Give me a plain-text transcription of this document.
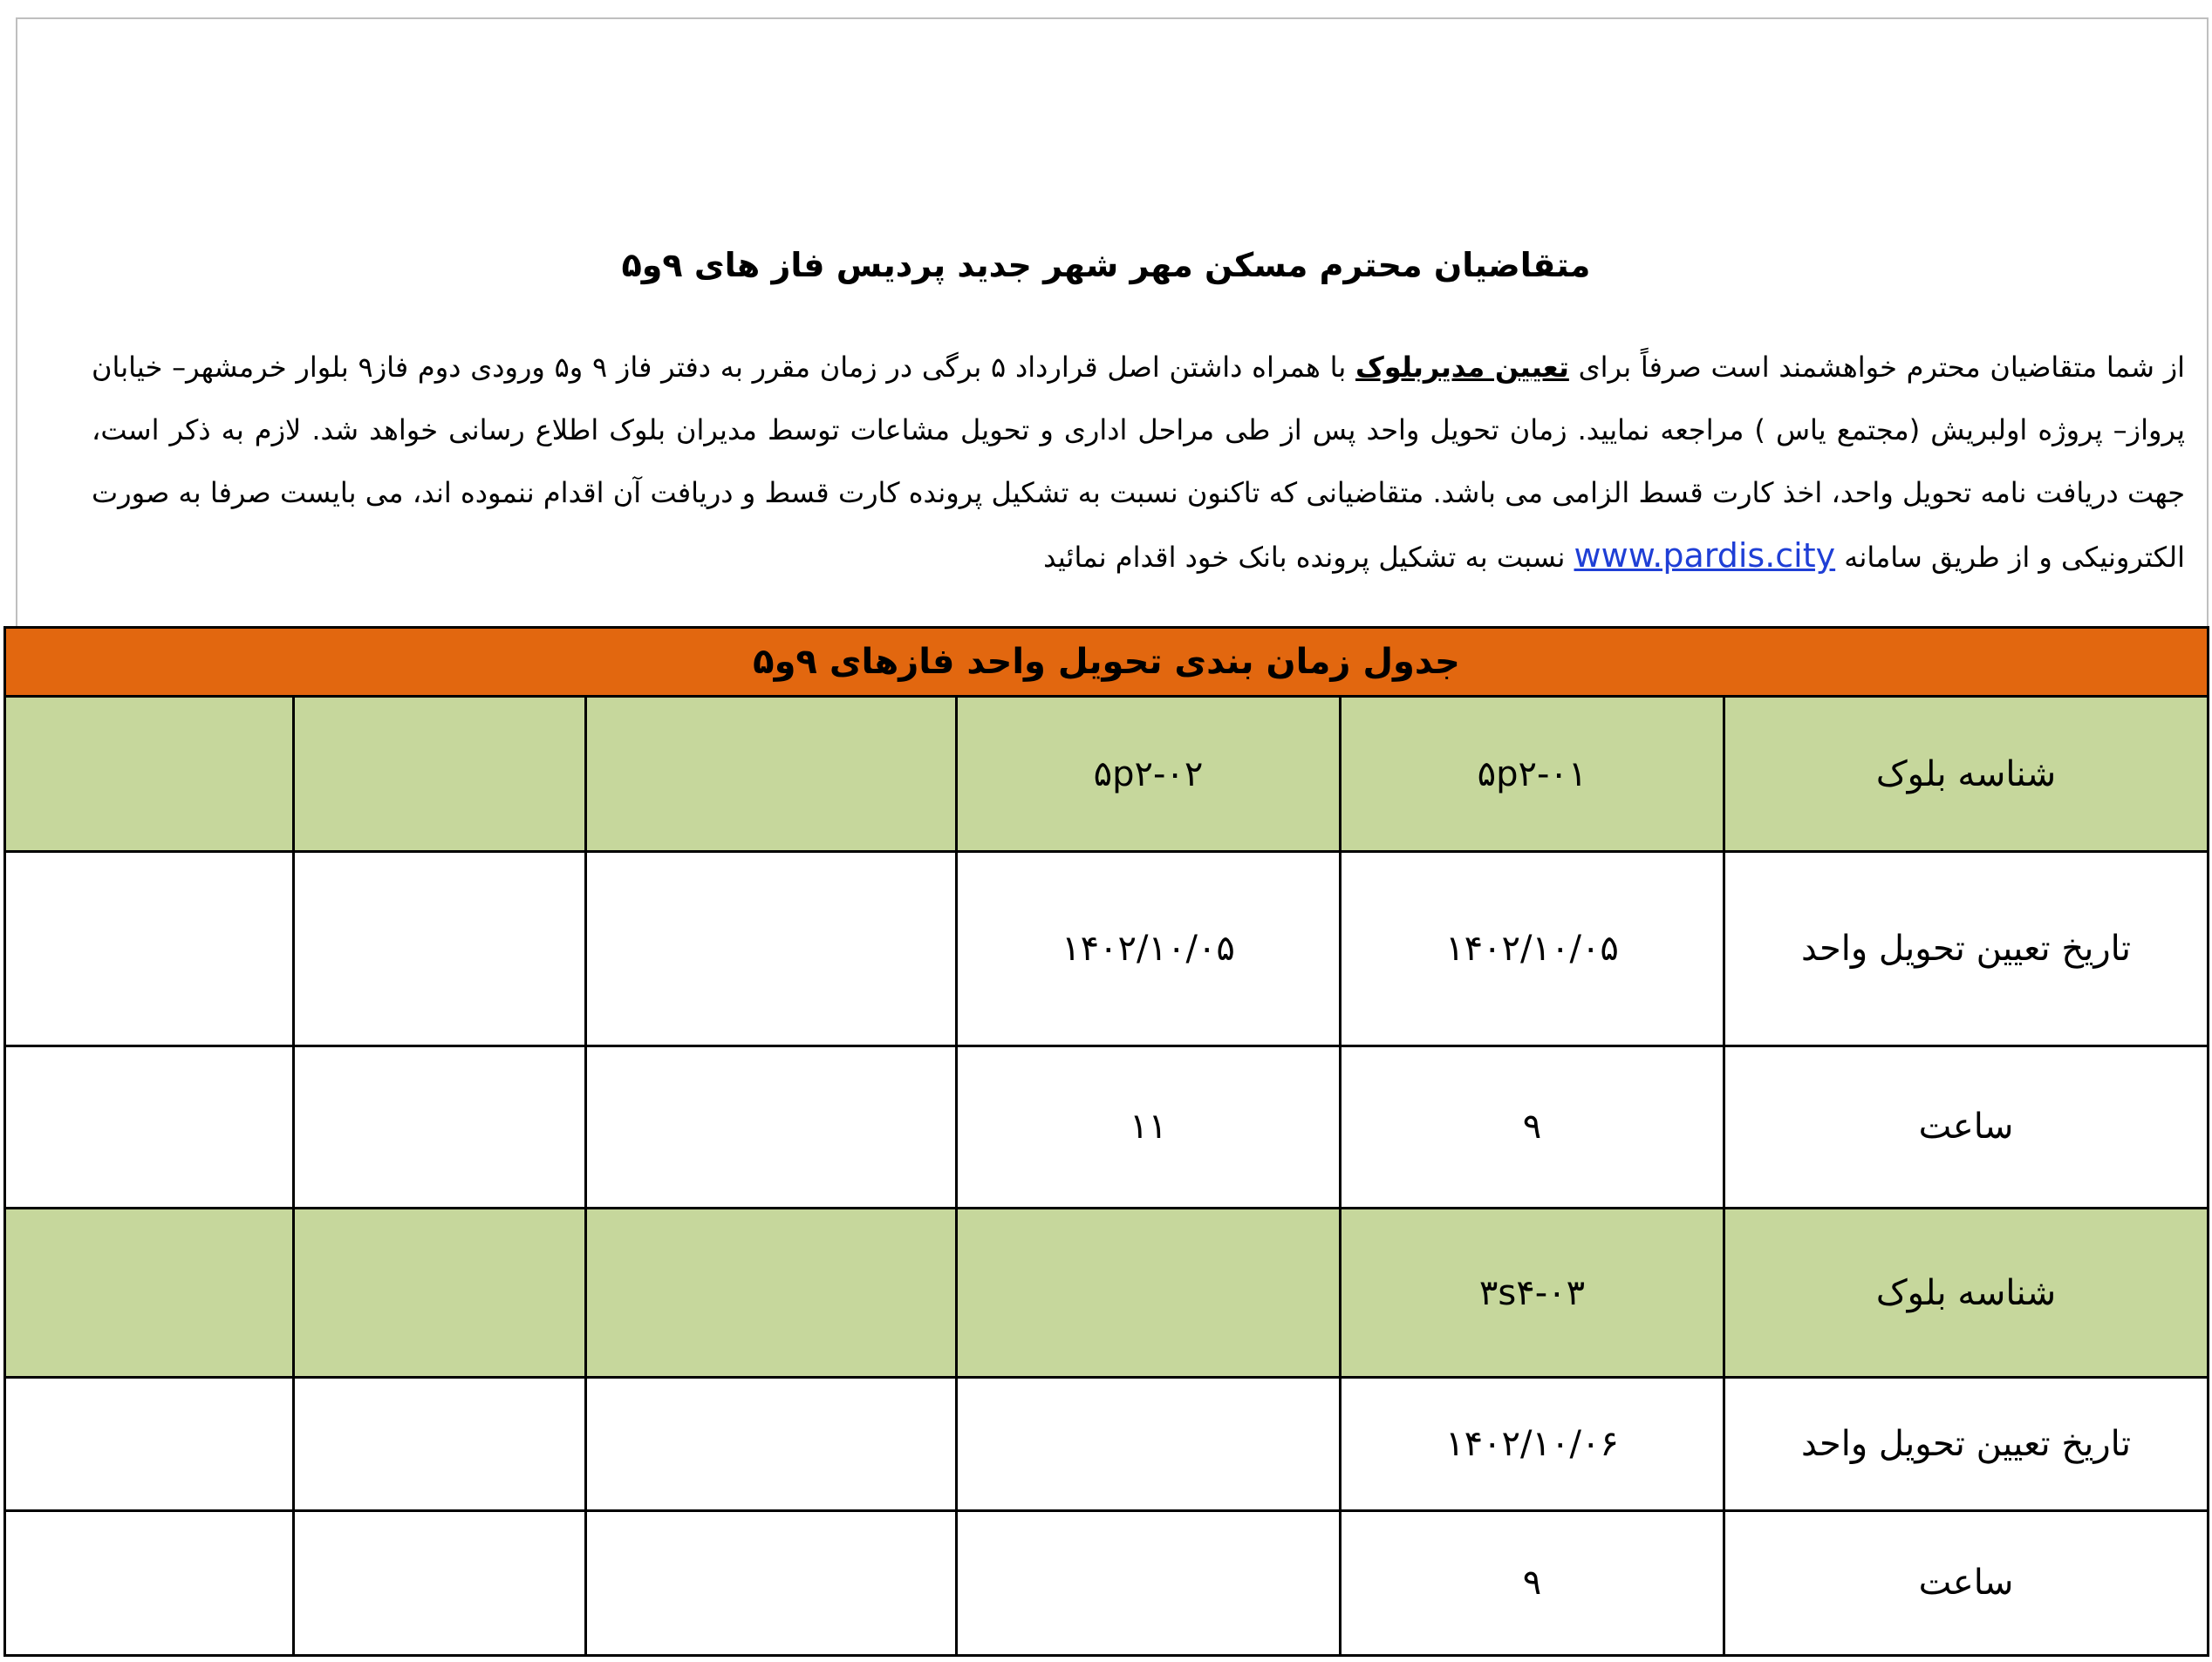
متقاضیان محترم مسکن مهر شهر جدید پردیس فاز های ۹و۵
از شما متقاضیان محترم خواهشمند است صرفاً برای تعیین مدیربلوک با همراه داشتن اصل قرارداد ۵ برگی در زمان مقرر به دفتر فاز ۹ و۵ ورودی دوم فاز۹ بلوار خرمشهر– خیابان پرواز– پروژه اولبریش (مجتمع یاس ) مراجعه نمایید. زمان تحویل واحد پس از طی مراحل اداری و تحویل مشاعات توسط مدیران بلوک اطلاع رسانی خواهد شد. لازم به ذکر است، جهت دریافت نامه تحویل واحد، اخذ کارت قسط الزامی می باشد. متقاضیانی که تاکنون نسبت به تشکیل پرونده کارت قسط و دریافت آن اقدام ننموده اند، می بایست صرفا به صورت الکترونیکی و از طریق سامانه www.pardis.city نسبت به تشکیل پرونده بانک خود اقدام نمائید
جدول زمان بندی تحویل واحد فازهای ۹و۵					
شناسه بلوک	۵p۲-۰۱	۵p۲-۰۲			
تاریخ تعیین تحویل واحد	۱۴۰۲/۱۰/۰۵	۱۴۰۲/۱۰/۰۵			
ساعت	۹	۱۱			
شناسه بلوک	۳s۴-۰۳				
تاریخ تعیین تحویل واحد	۱۴۰۲/۱۰/۰۶				
ساعت	۹				
